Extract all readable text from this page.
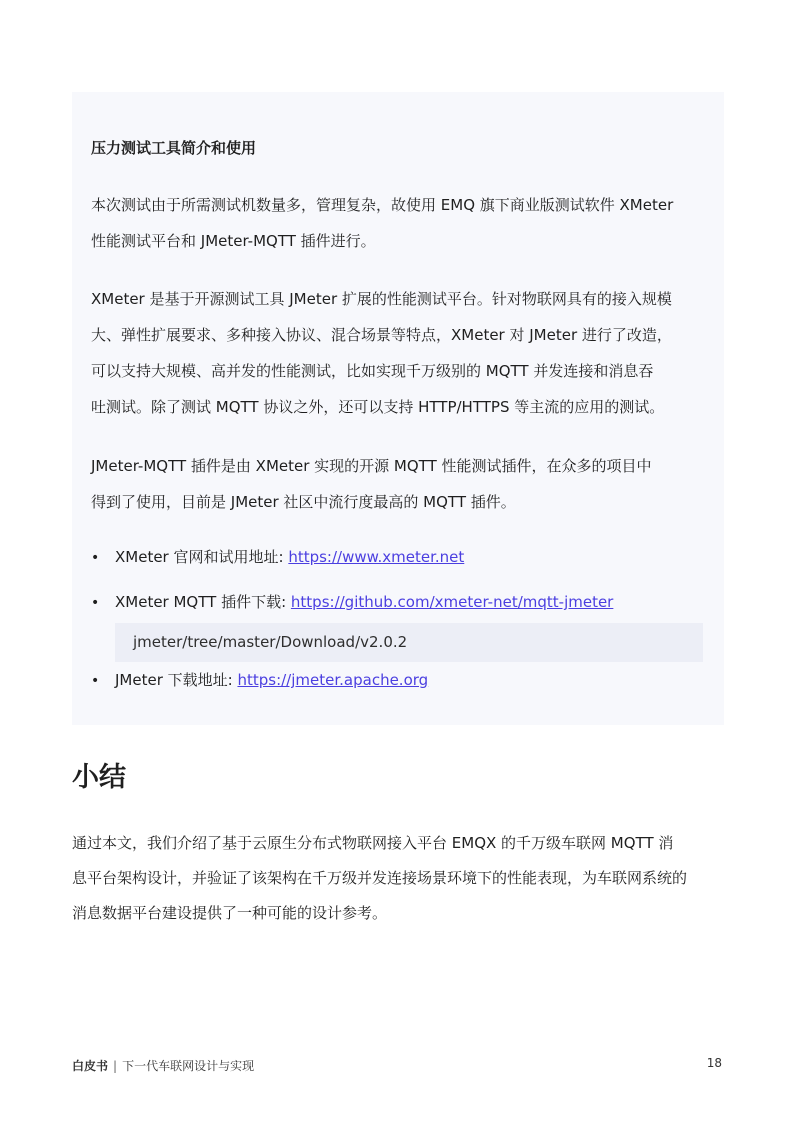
压力测试工具简介和使用

本次测试由于所需测试机数量多，管理复杂，故使用 EMQ 旗下商业版测试软件 XMeter
性能测试平台和 JMeter-MQTT 插件进行。

XMeter 是基于开源测试工具 JMeter 扩展的性能测试平台。针对物联网具有的接入规模
大、弹性扩展要求、多种接入协议、混合场景等特点，XMeter 对 JMeter 进行了改造，
可以支持大规模、高并发的性能测试，比如实现千万级别的 MQTT 并发连接和消息吞
吐测试。除了测试 MQTT 协议之外，还可以支持 HTTP/HTTPS 等主流的应用的测试。

JMeter-MQTT 插件是由 XMeter 实现的开源 MQTT 性能测试插件，在众多的项目中
得到了使用，目前是 JMeter 社区中流行度最高的 MQTT 插件。

• XMeter 官网和试用地址: https://www.xmeter.net
• XMeter MQTT 插件下载: https://github.com/xmeter-net/mqtt-jmeter
jmeter/tree/master/Download/v2.0.2
• JMeter 下载地址: https://jmeter.apache.org
小结

通过本文，我们介绍了基于云原生分布式物联网接入平台 EMQX 的千万级车联网 MQTT 消
息平台架构设计，并验证了该架构在千万级并发连接场景环境下的性能表现，为车联网系统的
消息数据平台建设提供了一种可能的设计参考。

白皮书 | 下一代车联网设计与实现	18
